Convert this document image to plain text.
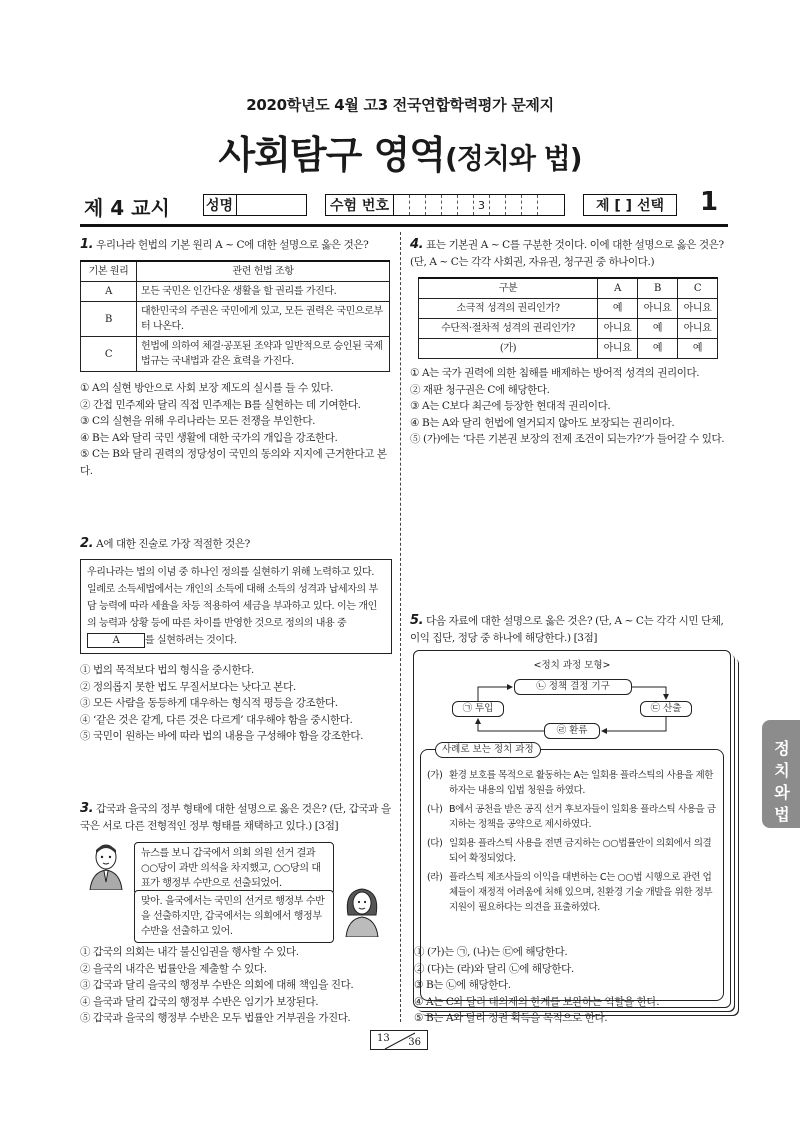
2020학년도 4월 고3 전국연합학력평가 문제지
사회탐구 영역(정치와 법)
제 4 교시	성명	수험 번호	3	제 [ ] 선택 1
1. 우리나라 헌법의 기본 원리 A ~ C에 대한 설명으로 옳은 것은?
기본 원리	관련 헌법 조항
A	모든 국민은 인간다운 생활을 할 권리를 가진다.
B	대한민국의 주권은 국민에게 있고, 모든 권력은 국민으로부터 나온다.
C	헌법에 의하여 체결·공포된 조약과 일반적으로 승인된 국제 법규는 국내법과 같은 효력을 가진다.
① A의 실현 방안으로 사회 보장 제도의 실시를 들 수 있다.
② 간접 민주제와 달리 직접 민주제는 B를 실현하는 데 기여한다.
③ C의 실현을 위해 우리나라는 모든 전쟁을 부인한다.
④ B는 A와 달리 국민 생활에 대한 국가의 개입을 강조한다.
⑤ C는 B와 달리 권력의 정당성이 국민의 동의와 지지에 근거한다고 본다.
2. A에 대한 진술로 가장 적절한 것은?
우리나라는 법의 이념 중 하나인 정의를 실현하기 위해 노력하고 있다. 일례로 소득세법에서는 개인의 소득에 대해 소득의 성격과 납세자의 부담 능력에 따라 세율을 차등 적용하여 세금을 부과하고 있다. 이는 개인의 능력과 상황 등에 따른 차이를 반영한 것으로 정의의 내용 중 A	를 실현하려는 것이다.
① 법의 목적보다 법의 형식을 중시한다.
② 정의롭지 못한 법도 무질서보다는 낫다고 본다.
③ 모든 사람을 동등하게 대우하는 형식적 평등을 강조한다.
④ ‘같은 것은 같게, 다른 것은 다르게’ 대우해야 함을 중시한다.
⑤ 국민이 원하는 바에 따라 법의 내용을 구성해야 함을 강조한다.
3. 갑국과 을국의 정부 형태에 대한 설명으로 옳은 것은? (단, 갑국과 을국은 서로 다른 전형적인 정부 형태를 채택하고 있다.) [3점]
뉴스를 보니 갑국에서 의회 의원 선거 결과 ○○당이 과반 의석을 차지했고, ○○당의 대표가 행정부 수반으로 선출되었어.
맞아. 을국에서는 국민의 선거로 행정부 수반을 선출하지만, 갑국에서는 의회에서 행정부 수반을 선출하고 있어.
① 갑국의 의회는 내각 불신임권을 행사할 수 있다.
② 을국의 내각은 법률안을 제출할 수 있다.
③ 갑국과 달리 을국의 행정부 수반은 의회에 대해 책임을 진다.
④ 을국과 달리 갑국의 행정부 수반은 임기가 보장된다.
⑤ 갑국과 을국의 행정부 수반은 모두 법률안 거부권을 가진다.
4. 표는 기본권 A ~ C를 구분한 것이다. 이에 대한 설명으로 옳은 것은? (단, A ~ C는 각각 사회권, 자유권, 청구권 중 하나이다.)
구분	A	B	C
소극적 성격의 권리인가?	예	아니요	아니요
수단적·절차적 성격의 권리인가?	아니요	예	아니요
(가)	아니요	예	예
① A는 국가 권력에 의한 침해를 배제하는 방어적 성격의 권리이다.
② 재판 청구권은 C에 해당한다.
③ A는 C보다 최근에 등장한 현대적 권리이다.
④ B는 A와 달리 헌법에 열거되지 않아도 보장되는 권리이다.
⑤ (가)에는 ‘다른 기본권 보장의 전제 조건이 되는가?’가 들어갈 수 있다.
5. 다음 자료에 대한 설명으로 옳은 것은? (단, A ~ C는 각각 시민 단체, 이익 집단, 정당 중 하나에 해당한다.) [3점]
<정치 과정 모형>
㉡ 정책 결정 기구
㉠ 투입	㉢ 산출
㉣ 환류
사례로 보는 정치 과정
(가) 환경 보호를 목적으로 활동하는 A는 일회용 플라스틱의 사용을 제한하자는 내용의 입법 청원을 하였다.
(나) B에서 공천을 받은 공직 선거 후보자들이 일회용 플라스틱 사용을 금지하는 정책을 공약으로 제시하였다.
(다) 일회용 플라스틱 사용을 전면 금지하는 ○○법률안이 의회에서 의결되어 확정되었다.
(라) 플라스틱 제조사들의 이익을 대변하는 C는 ○○법 시행으로 관련 업체들이 재정적 어려움에 처해 있으며, 친환경 기술 개발을 위한 정부 지원이 필요하다는 의견을 표출하였다.
① (가)는 ㉠, (나)는 ㉢에 해당한다.
② (다)는 (라)와 달리 ㉡에 해당한다.
③ B는 ㉡에 해당한다.
④ A는 C와 달리 대의제의 한계를 보완하는 역할을 한다.
⑤ B는 A와 달리 정권 획득을 목적으로 한다.
정
치
와
법
13 36
